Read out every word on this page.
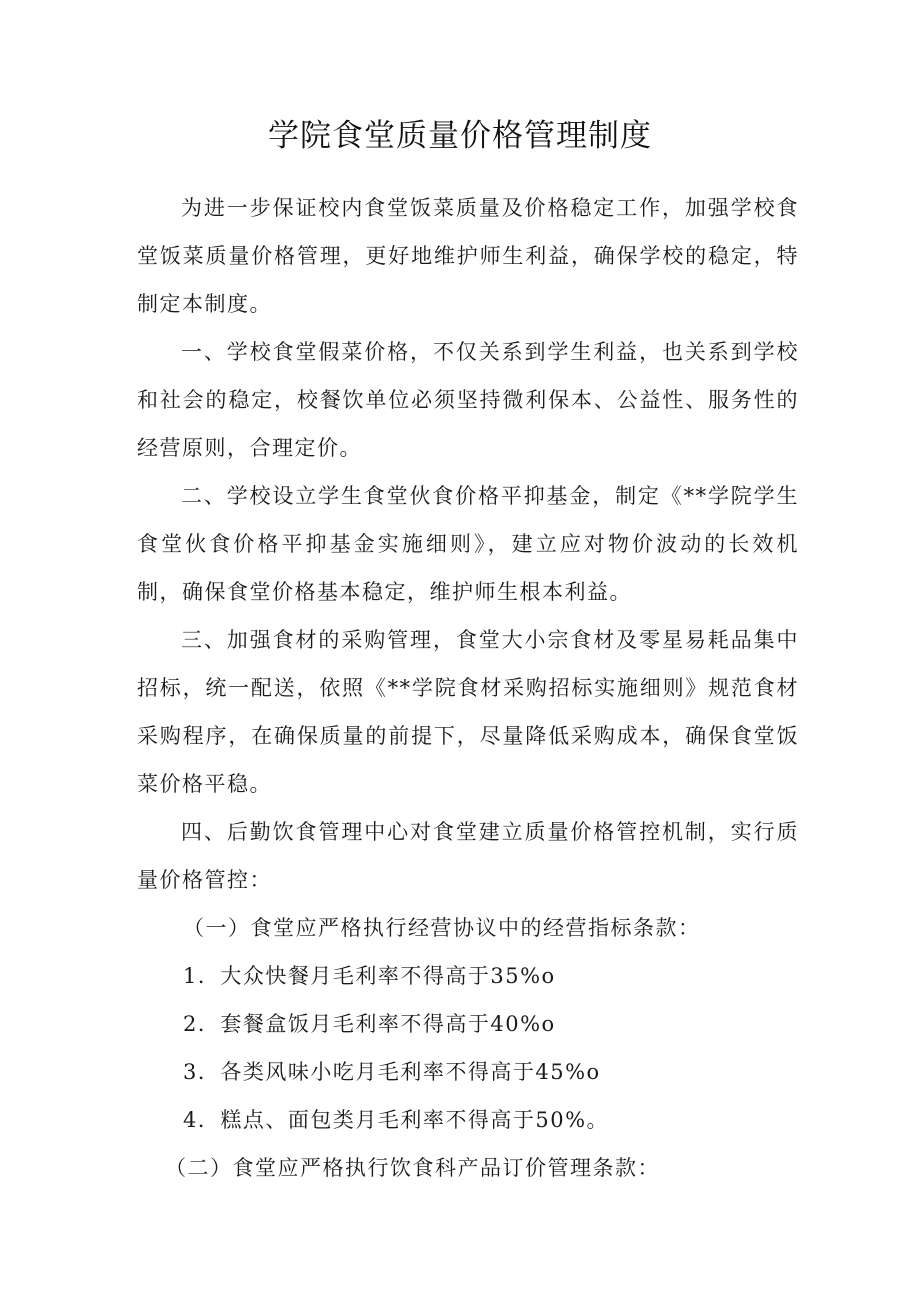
学院食堂质量价格管理制度

为进一步保证校内食堂饭菜质量及价格稳定工作，加强学校食堂饭菜质量价格管理，更好地维护师生利益，确保学校的稳定，特制定本制度。

一、学校食堂假菜价格，不仅关系到学生利益，也关系到学校和社会的稳定，校餐饮单位必须坚持微利保本、公益性、服务性的经营原则，合理定价。

二、学校设立学生食堂伙食价格平抑基金，制定《**学院学生食堂伙食价格平抑基金实施细则》，建立应对物价波动的长效机制，确保食堂价格基本稳定，维护师生根本利益。

三、加强食材的采购管理，食堂大小宗食材及零星易耗品集中招标，统一配送，依照《**学院食材采购招标实施细则》规范食材采购程序，在确保质量的前提下，尽量降低采购成本，确保食堂饭菜价格平稳。

四、后勤饮食管理中心对食堂建立质量价格管控机制，实行质量价格管控：

（一）食堂应严格执行经营协议中的经营指标条款：
1．大众快餐月毛利率不得高于35%o
2．套餐盒饭月毛利率不得高于40%o
3．各类风味小吃月毛利率不得高于45%o
4．糕点、面包类月毛利率不得高于50%。
（二）食堂应严格执行饮食科产品订价管理条款：
